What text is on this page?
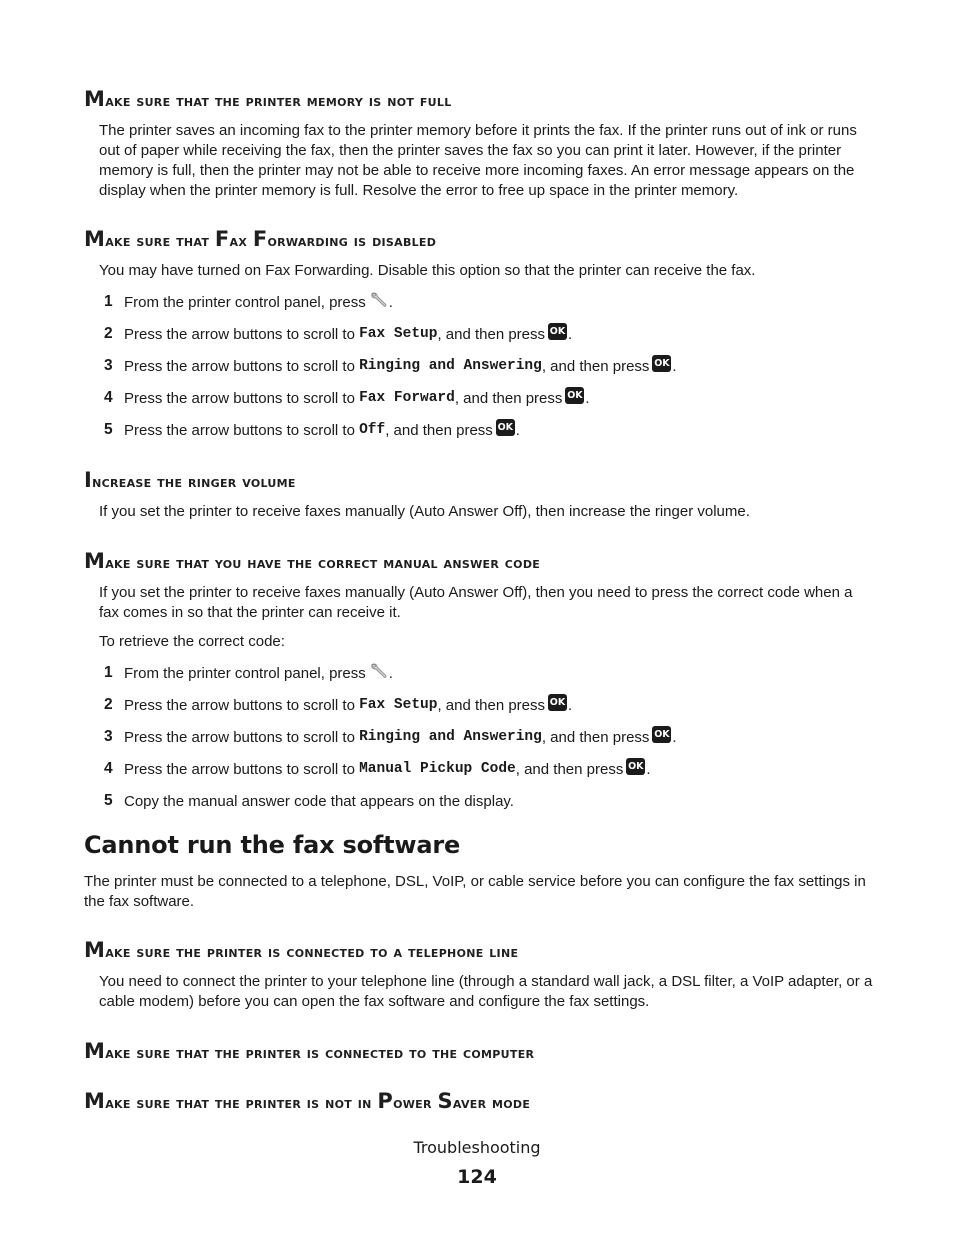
Make sure that the printer memory is not full

The printer saves an incoming fax to the printer memory before it prints the fax. If the printer runs out of ink or runs out of paper while receiving the fax, then the printer saves the fax so you can print it later. However, if the printer memory is full, then the printer may not be able to receive more incoming faxes. An error message appears on the display when the printer memory is full. Resolve the error to free up space in the printer memory.

Make sure that Fax Forwarding is disabled

You may have turned on Fax Forwarding. Disable this option so that the printer can receive the fax.

1 From the printer control panel, press .
2 Press the arrow buttons to scroll to Fax Setup , and then press OK .
3 Press the arrow buttons to scroll to Ringing and Answering , and then press OK .
4 Press the arrow buttons to scroll to Fax Forward , and then press OK .
5 Press the arrow buttons to scroll to Off , and then press OK .
Increase the ringer volume

If you set the printer to receive faxes manually (Auto Answer Off), then increase the ringer volume.

Make sure that you have the correct manual answer code

If you set the printer to receive faxes manually (Auto Answer Off), then you need to press the correct code when a fax comes in so that the printer can receive it.

To retrieve the correct code:

1 From the printer control panel, press .
2 Press the arrow buttons to scroll to Fax Setup , and then press OK .
3 Press the arrow buttons to scroll to Ringing and Answering , and then press OK .
4 Press the arrow buttons to scroll to Manual Pickup Code , and then press OK .
5 Copy the manual answer code that appears on the display.
Cannot run the fax software

The printer must be connected to a telephone, DSL, VoIP, or cable service before you can configure the fax settings in the fax software.

Make sure the printer is connected to a telephone line

You need to connect the printer to your telephone line (through a standard wall jack, a DSL filter, a VoIP adapter, or a cable modem) before you can open the fax software and configure the fax settings.

Make sure that the printer is connected to the computer
Make sure that the printer is not in Power Saver mode
Troubleshooting
124
